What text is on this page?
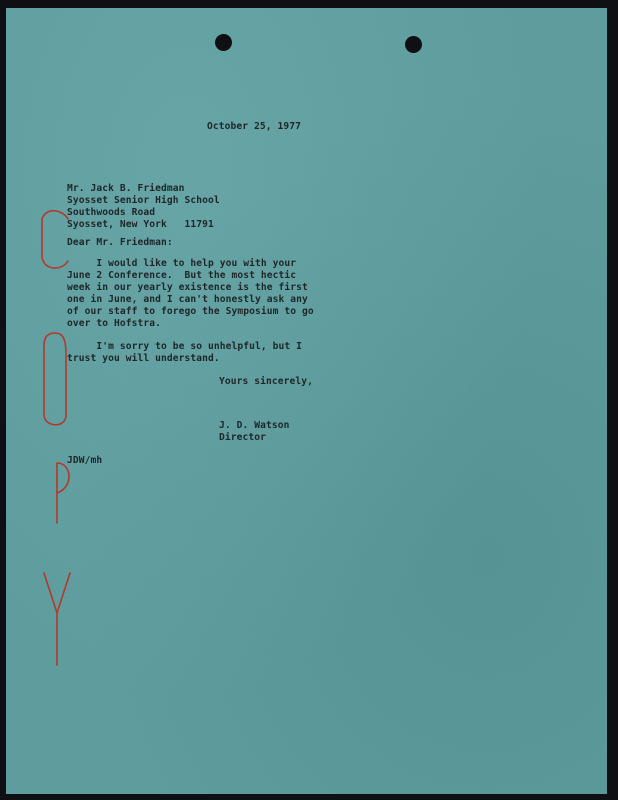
October 25, 1977
Mr. Jack B. Friedman
Syosset Senior High School
Southwoods Road
Syosset, New York   11791
Dear Mr. Friedman:
I would like to help you with your
June 2 Conference.  But the most hectic
week in our yearly existence is the first
one in June, and I can't honestly ask any
of our staff to forego the Symposium to go
over to Hofstra.
I'm sorry to be so unhelpful, but I
trust you will understand.
Yours sincerely,
J. D. Watson
Director
JDW/mh
